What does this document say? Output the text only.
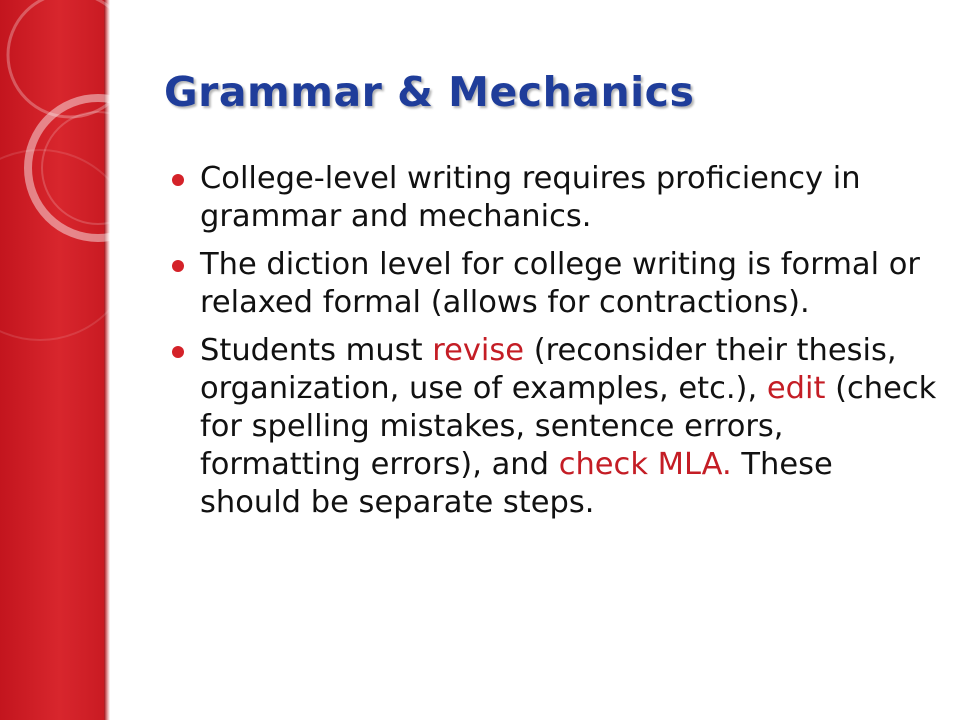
Grammar & Mechanics
College-level writing requires proficiency in grammar and mechanics.
The diction level for college writing is formal or relaxed formal (allows for contractions).
Students must revise (reconsider their thesis, organization, use of examples, etc.), edit (check for spelling mistakes, sentence errors, formatting errors), and check MLA. These should be separate steps.
